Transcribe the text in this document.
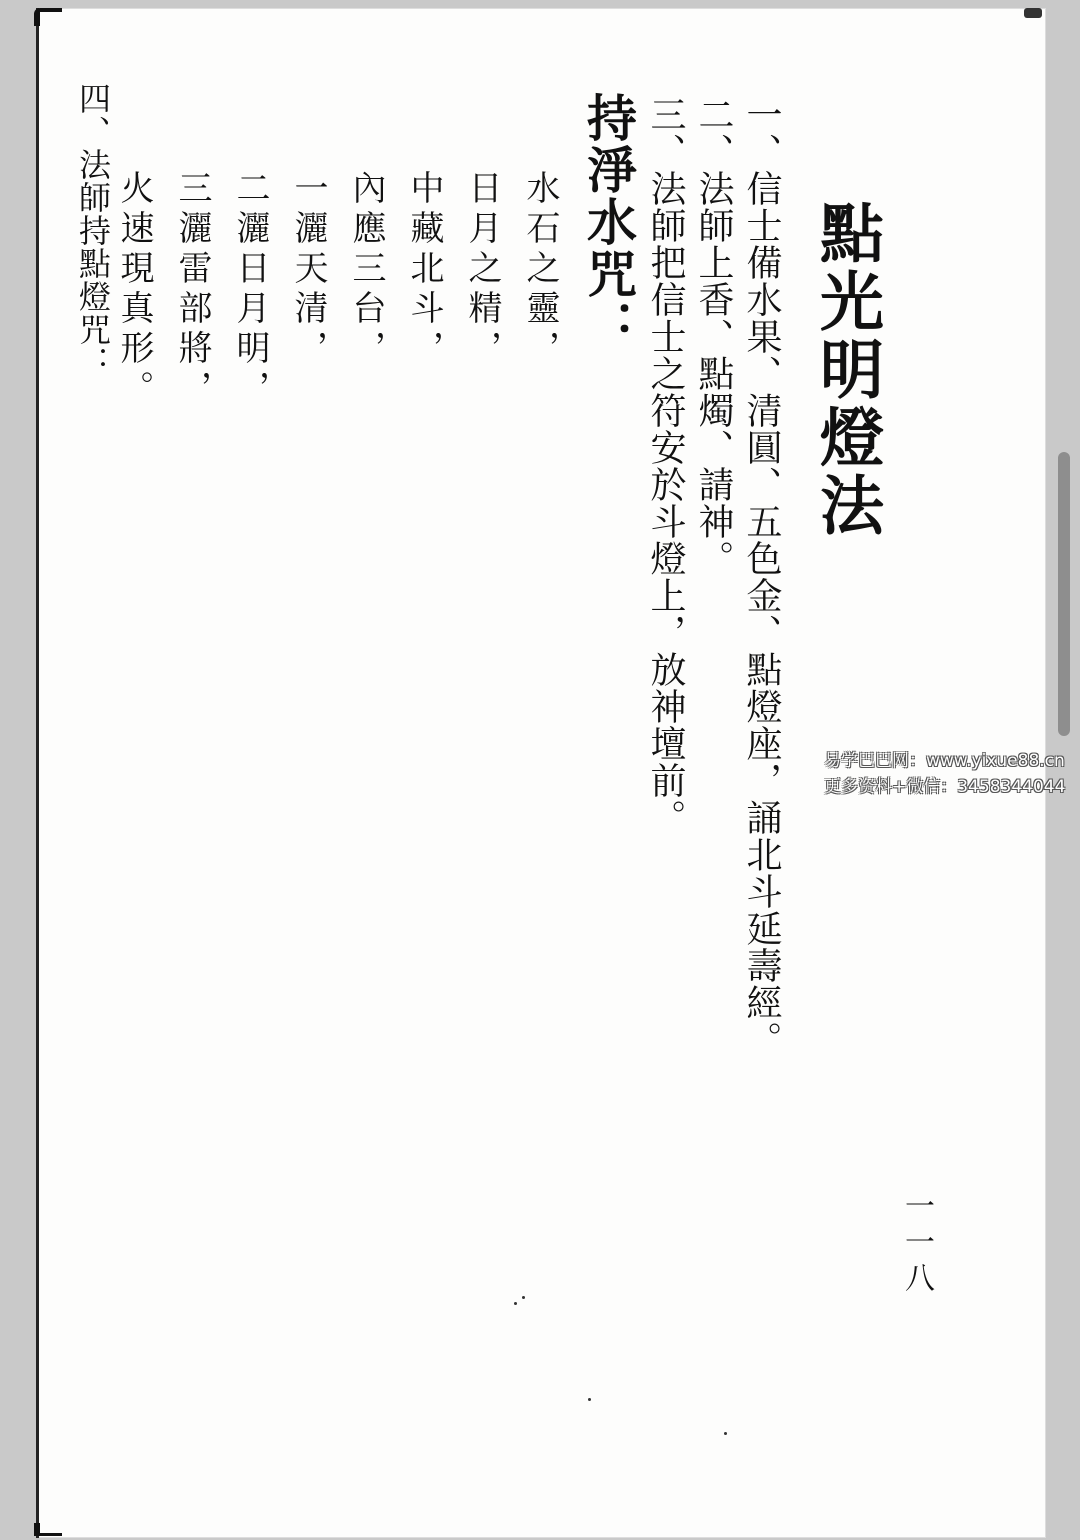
點光明燈法
一、信士備水果、清圓、五色金、點燈座，誦北斗延壽經。
二、法師上香、點燭、請神。
三、法師把信士之符安於斗燈上，放神壇前。
持淨水咒：
水石之靈，
日月之精，
中藏北斗，
內應三台，
一灑天清，
二灑日月明，
三灑雷部將，
火速現真形。
四、法師持點燈咒：
一一八
易学巴巴网：www.yixue88.cn
更多资料+微信：3458344044
